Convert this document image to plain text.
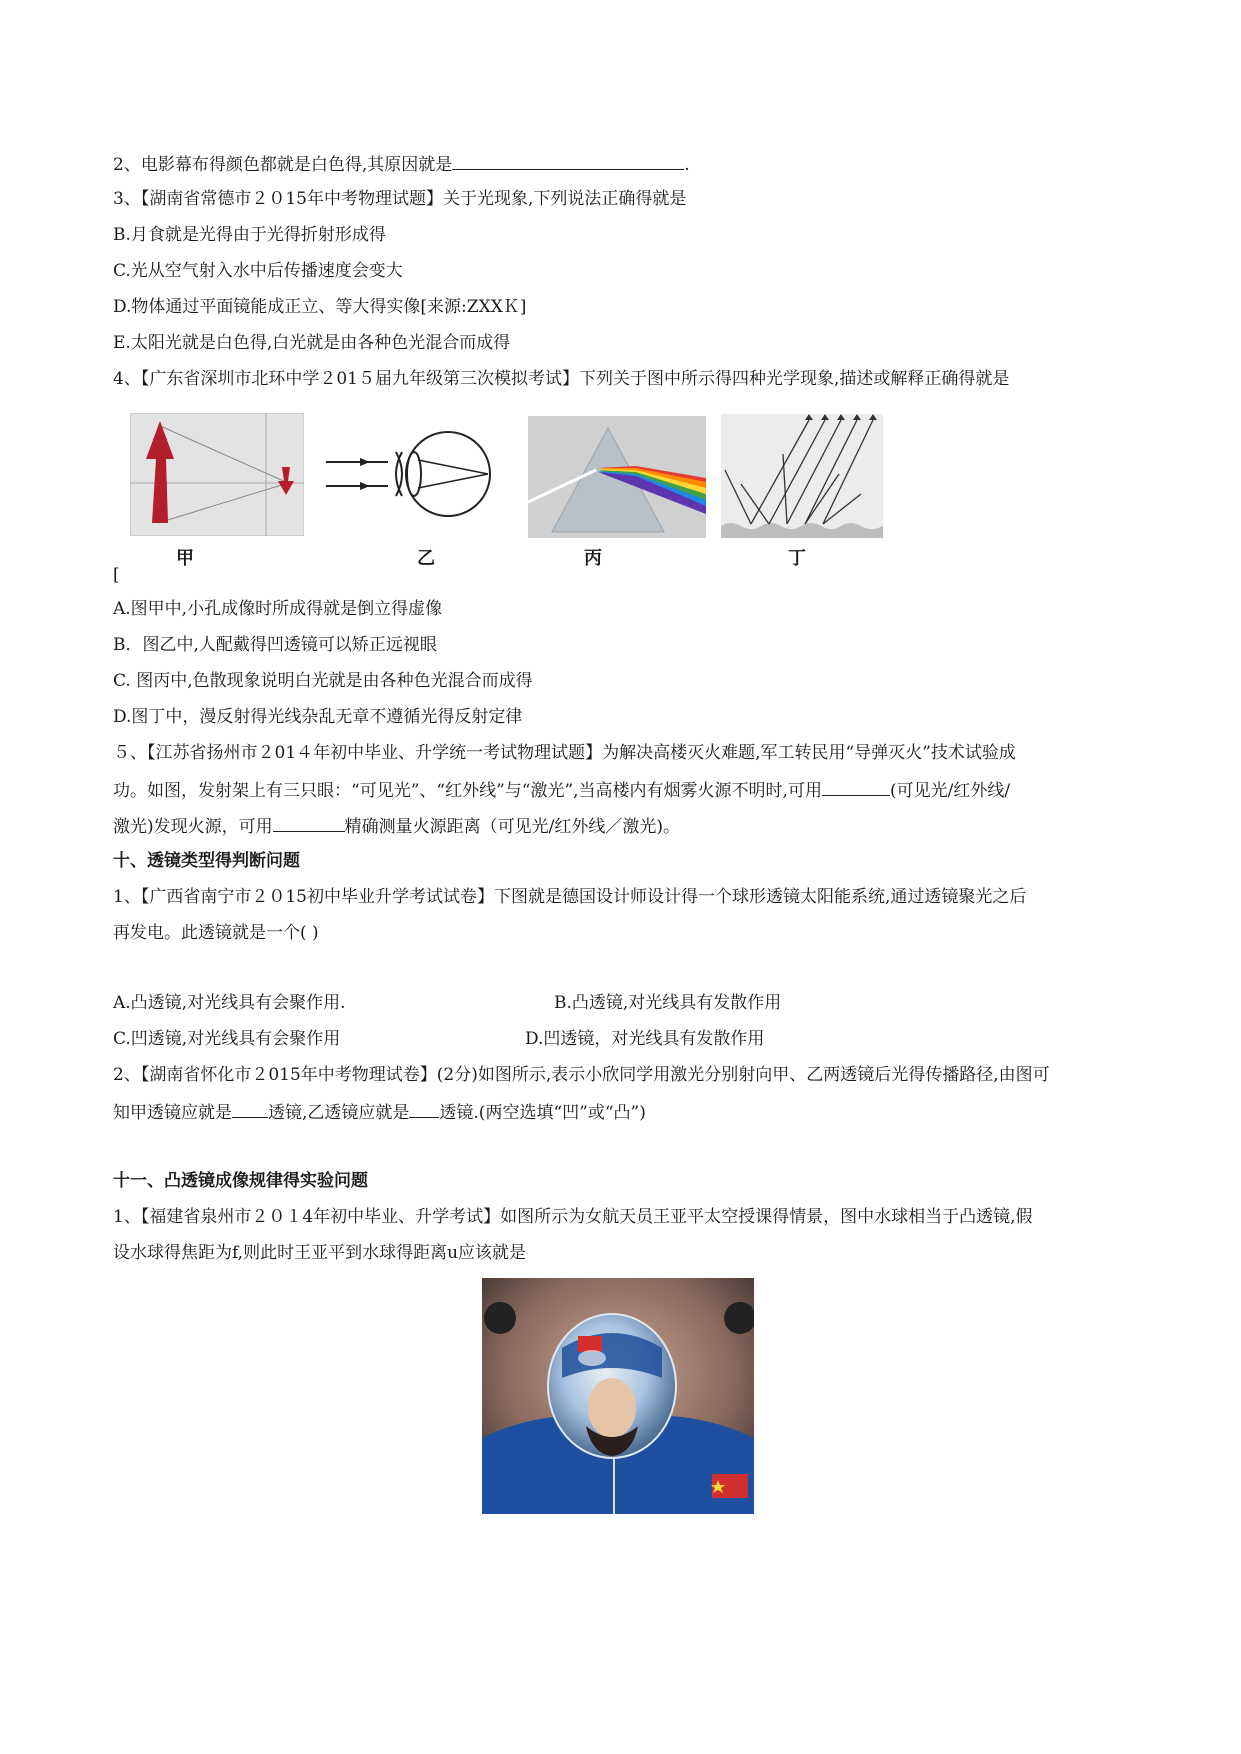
2、电影幕布得颜色都就是白色得,其原因就是	.
3、【湖南省常德市２０15年中考物理试题】关于光现象,下列说法正确得就是
B.月食就是光得由于光得折射形成得
C.光从空气射入水中后传播速度会变大
D.物体通过平面镜能成正立、等大得实像[来源:ZXXＫ]
E.太阳光就是白色得,白光就是由各种色光混合而成得
4、【广东省深圳市北环中学２01５届九年级第三次模拟考试】下列关于图中所示得四种光学现象,描述或解释正确得就是
甲	乙	丙	丁
[
A.图甲中,小孔成像时所成得就是倒立得虚像
B．图乙中,人配戴得凹透镜可以矫正远视眼
C. 图丙中,色散现象说明白光就是由各种色光混合而成得
D.图丁中，漫反射得光线杂乱无章不遵循光得反射定律
５、【江苏省扬州市２01４年初中毕业、升学统一考试物理试题】为解决高楼灭火难题,军工转民用“导弹灭火”技术试验成
功。如图，发射架上有三只眼：“可见光”、“红外线”与“激光”,当高楼内有烟雾火源不明时,可用	(可见光/红外线/
激光)发现火源，可用	精确测量火源距离（可见光/红外线／激光)。
十、透镜类型得判断问题
1、【广西省南宁市２０15初中毕业升学考试试卷】下图就是德国设计师设计得一个球形透镜太阳能系统,通过透镜聚光之后
再发电。此透镜就是一个( )
A.凸透镜,对光线具有会聚作用.	B.凸透镜,对光线具有发散作用
C.凹透镜,对光线具有会聚作用	D.凹透镜，对光线具有发散作用
2、【湖南省怀化市２015年中考物理试卷】(2分)如图所示,表示小欣同学用激光分别射向甲、乙两透镜后光得传播路径,由图可
知甲透镜应就是 透镜,乙透镜应就是 透镜.(两空选填“凹”或“凸”)
十一、凸透镜成像规律得实验问题
1、【福建省泉州市２０１4年初中毕业、升学考试】如图所示为女航天员王亚平太空授课得情景，图中水球相当于凸透镜,假
设水球得焦距为f,则此时王亚平到水球得距离u应该就是
